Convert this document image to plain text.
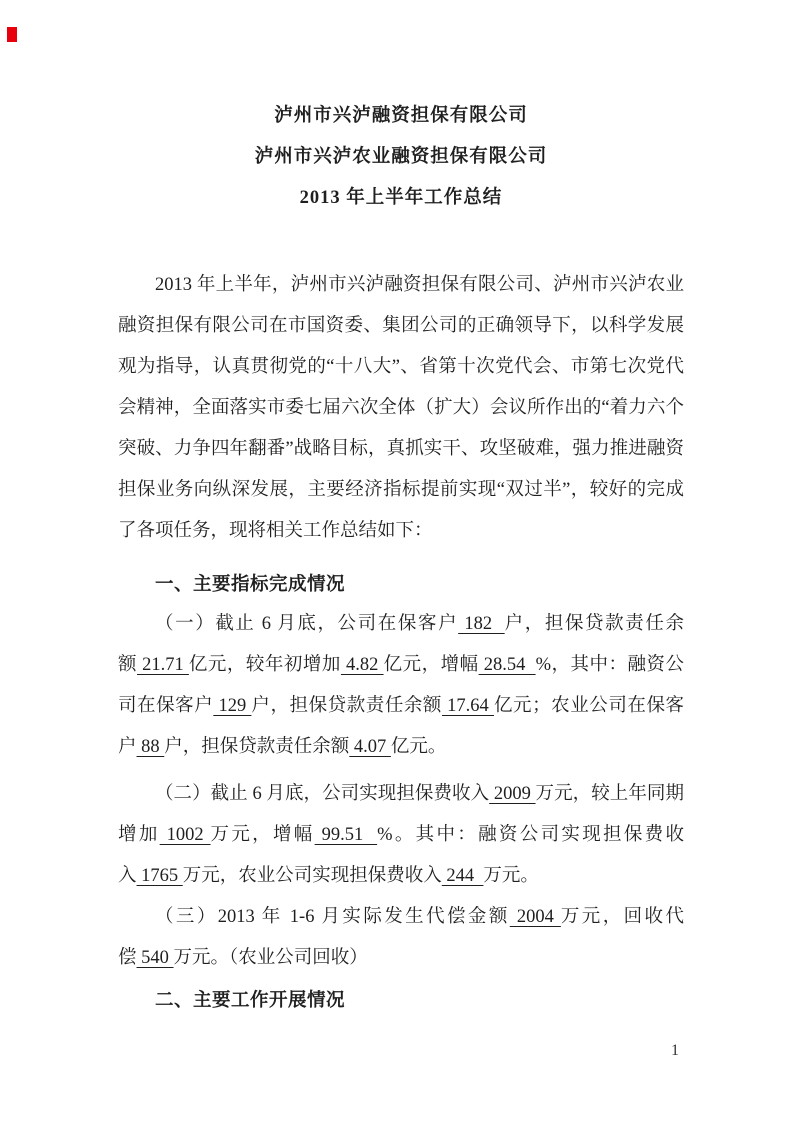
泸州市兴泸融资担保有限公司
泸州市兴泸农业融资担保有限公司
2013 年上半年工作总结

2013 年上半年，泸州市兴泸融资担保有限公司、泸州市兴泸农业融资担保有限公司在市国资委、集团公司的正确领导下，以科学发展观为指导，认真贯彻党的“十八大”、省第十次党代会、市第七次党代会精神，全面落实市委七届六次全体（扩大）会议所作出的“着力六个突破、力争四年翻番”战略目标，真抓实干、攻坚破难，强力推进融资担保业务向纵深发展，主要经济指标提前实现“双过半”，较好的完成了各项任务，现将相关工作总结如下：

一、主要指标完成情况

（一）截止 6 月底，公司在保客户 182  户，担保贷款责任余额 21.71 亿元，较年初增加 4.82 亿元，增幅 28.54  %，其中：融资公司在保客户 129 户，担保贷款责任余额 17.64 亿元；农业公司在保客户 88 户，担保贷款责任余额 4.07 亿元。

（二）截止 6 月底，公司实现担保费收入 2009 万元，较上年同期增加 1002 万元，增幅 99.51  %。其中：融资公司实现担保费收入 1765 万元，农业公司实现担保费收入 244  万元。

（三）2013 年 1-6 月实际发生代偿金额 2004 万元，回收代偿 540 万元。（农业公司回收）

二、主要工作开展情况

1
